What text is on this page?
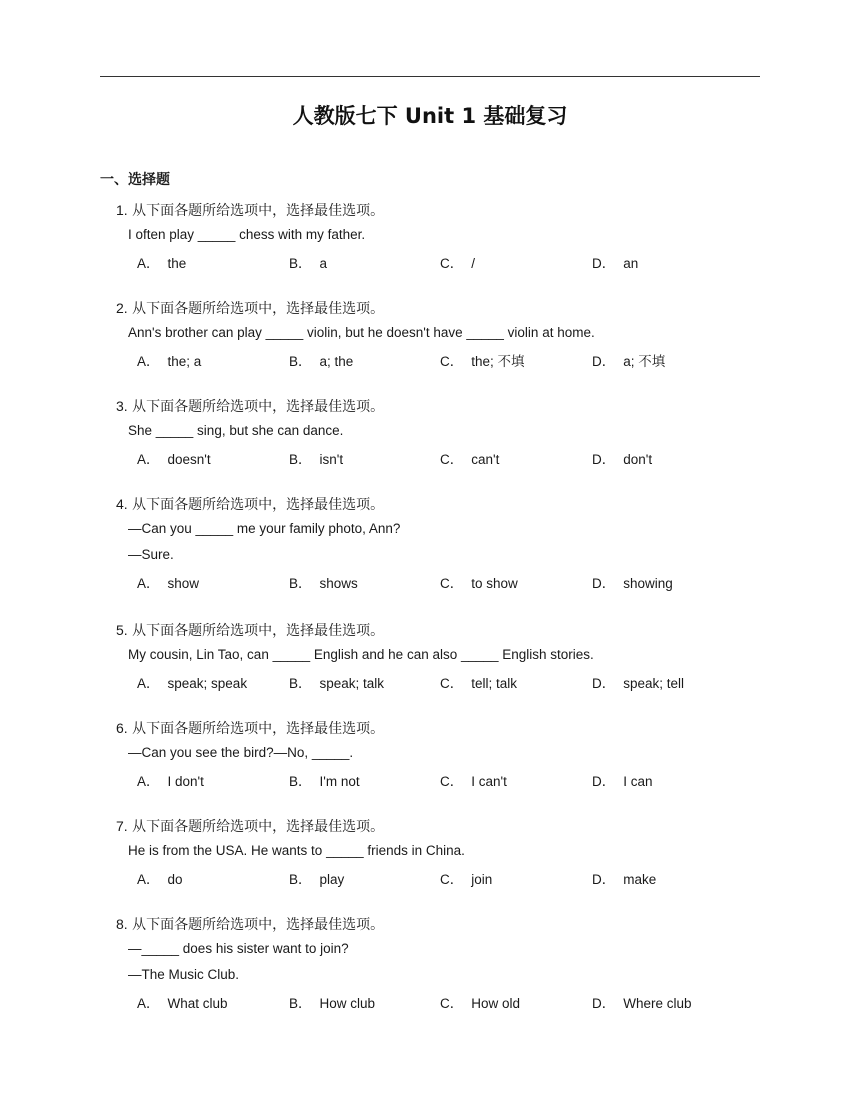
人教版七下 Unit 1 基础复习
一、选择题
1. 从下面各题所给选项中，选择最佳选项。
I often play _____ chess with my father.
A． the	B． a	C． /	D． an
2. 从下面各题所给选项中，选择最佳选项。
Ann's brother can play _____ violin, but he doesn't have _____ violin at home.
A． the; a	B． a; the	C． the; 不填	D． a; 不填
3. 从下面各题所给选项中，选择最佳选项。
She _____ sing, but she can dance.
A． doesn't	B． isn't	C． can't	D． don't
4. 从下面各题所给选项中，选择最佳选项。
—Can you _____ me your family photo, Ann?
—Sure.
A． show	B． shows	C． to show	D． showing
5. 从下面各题所给选项中，选择最佳选项。
My cousin, Lin Tao, can _____ English and he can also _____ English stories.
A． speak; speak	B． speak; talk	C． tell; talk	D． speak; tell
6. 从下面各题所给选项中，选择最佳选项。
—Can you see the bird?—No, _____.
A． I don't	B． I'm not	C． I can't	D． I can
7. 从下面各题所给选项中，选择最佳选项。
He is from the USA. He wants to _____ friends in China.
A． do	B． play	C． join	D． make
8. 从下面各题所给选项中，选择最佳选项。
—_____ does his sister want to join?
—The Music Club.
A． What club	B． How club	C． How old	D． Where club
